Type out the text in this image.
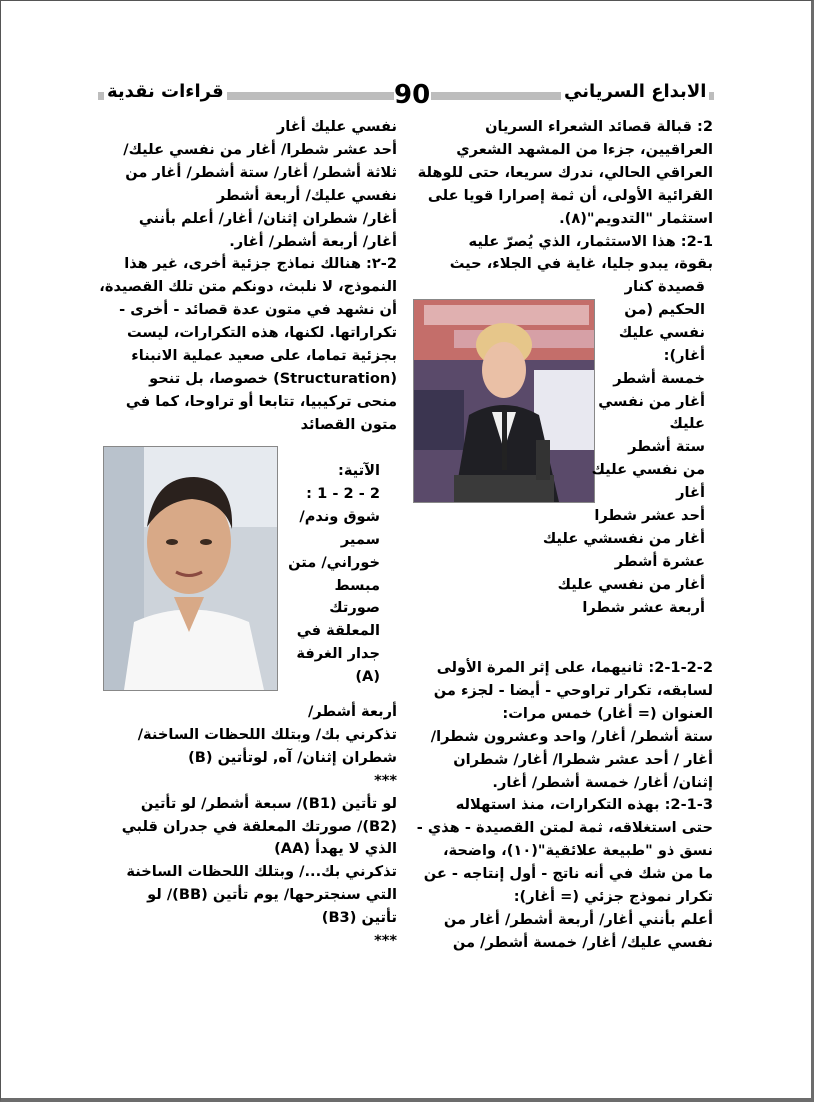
قراءات نقدية	الابداع السرياني
90
2: قبالة قصائد الشعراء السريان
العراقيين، جزءا من المشهد الشعري
العراقي الحالي، ندرك سريعا، حتى للوهلة
القرائية الأولى، أن ثمة إصرارا قويا على
استثمار "التدويم"(٨).
2-1: هذا الاستثمار، الذي يُصرّ عليه
بقوة، يبدو جليا، غاية في الجلاء، حيث
قصيدة كنار
الحكيم (من
نفسي عليك
أغار):
خمسة أشطر
أغار من نفسي
عليك
ستة أشطر
من نفسي عليك
أغار
أحد عشر شطرا
أغار من نفسشي عليك
عشرة أشطر
أغار من نفسي عليك
أربعة عشر شطرا
2-1-2-2: ثانيهما، على إثر المرة الأولى
لسابقه، تكرار تراوحي - أيضا - لجزء من
العنوان (= أغار) خمس مرات:
ستة أشطر/ أغار/ واحد وعشرون شطرا/
أغار / أحد عشر شطرا/ أغار/ شطران
إثنان/ أغار/ خمسة أشطر/ أغار.
2-1-3: بهذه التكرارات، منذ استهلاله
حتى استغلاقه، ثمة لمتن القصيدة - هذي -
نسق ذو "طبيعة علائقية"(١٠)، واضحة،
ما من شك في أنه ناتج - أول إنتاجه - عن
تكرار نموذج جزئي (= أغار):
أعلم بأنني أغار/ أربعة أشطر/ أغار من
نفسي عليك/ أغار/ خمسة أشطر/ من
نفسي عليك أغار
أحد عشر شطرا/ أغار من نفسي عليك/
ثلاثة أشطر/ أغار/ ستة أشطر/ أغار من
نفسي عليك/ أربعة أشطر
أغار/ شطران إثنان/ أغار/ أعلم بأنني
أغار/ أربعة أشطر/ أغار.
2-٢: هنالك نماذج جزئية أخرى، غير هذا
النموذج، لا نلبث، دونكم متن تلك القصيدة،
أن نشهد في متون عدة قصائد - أخرى -
تكراراتها. لكنها، هذه التكرارات، ليست
بجزئية تماما، على صعيد عملية الانبناء
(Structuration) خصوصا، بل تنحو
منحى تركيبيا، تتابعا أو تراوحا، كما في
متون القصائد
الآتية:
2 - 2 - 1 :
شوق وندم/
سمير
خوراني/ متن
مبسط
صورتك
المعلقة في
جدار الغرفة
(A)
أربعة أشطر/
تذكرني بك/ وبتلك اللحظات الساخنة/
شطران إثنان/ آه, لوتأتين (B)
***
لو تأتين (B1)/ سبعة أشطر/ لو تأتين
(B2)/ صورتك المعلقة في جدران قلبي
الذي لا يهدأ (AA)
تذكرني بك.../ وبتلك اللحظات الساخنة
التي سنجترحها/ يوم تأتين (BB)/ لو
تأتين (B3)
***
